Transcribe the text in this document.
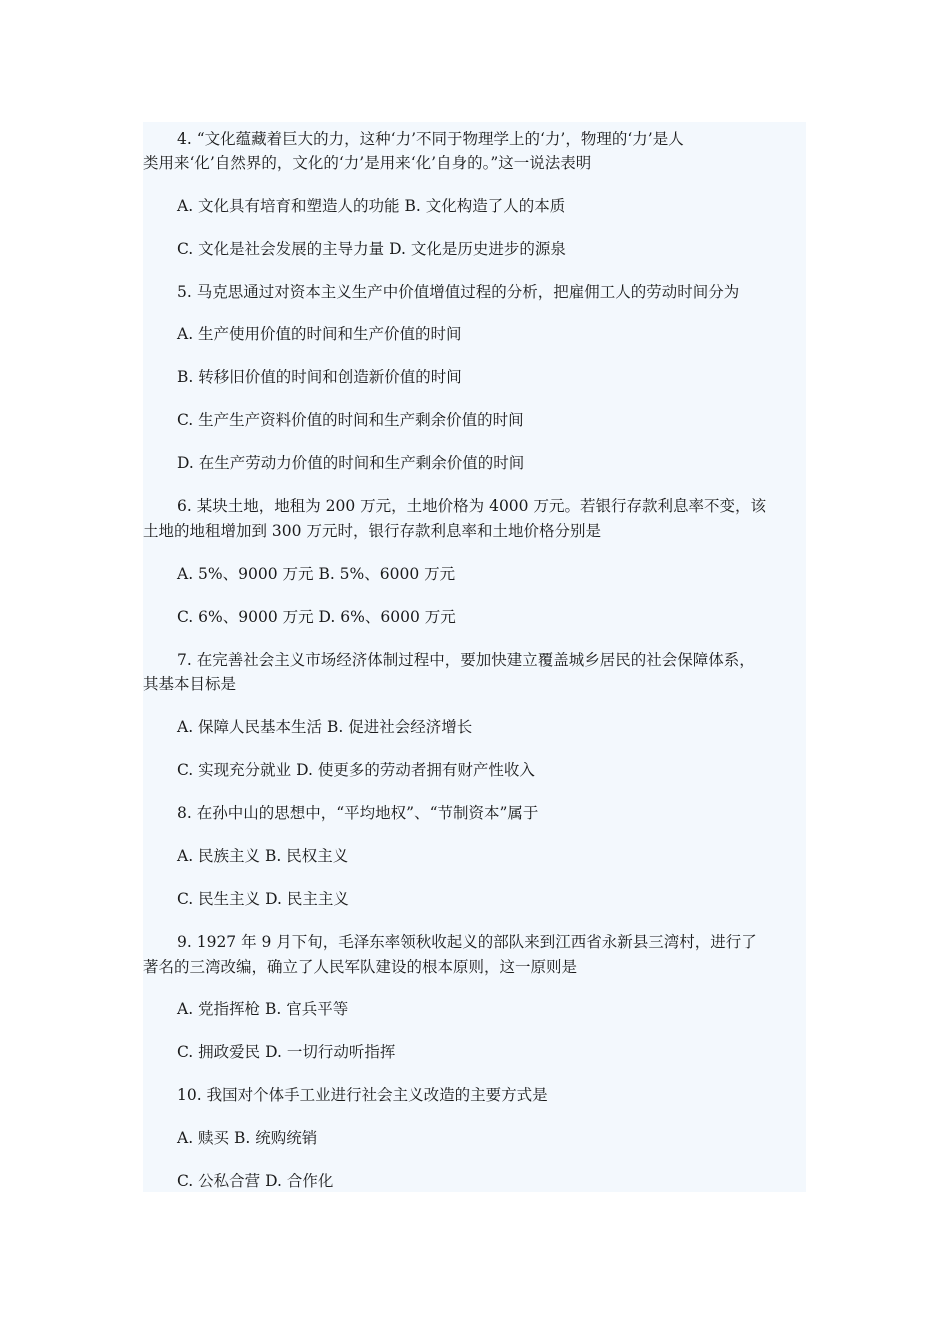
4. “文化蕴藏着巨大的力，这种‘力’不同于物理学上的‘力’，物理的‘力’是人
类用来‘化’自然界的，文化的‘力’是用来‘化’自身的。”这一说法表明
A. 文化具有培育和塑造人的功能 B. 文化构造了人的本质
C. 文化是社会发展的主导力量 D. 文化是历史进步的源泉
5. 马克思通过对资本主义生产中价值增值过程的分析，把雇佣工人的劳动时间分为
A. 生产使用价值的时间和生产价值的时间
B. 转移旧价值的时间和创造新价值的时间
C. 生产生产资料价值的时间和生产剩余价值的时间
D. 在生产劳动力价值的时间和生产剩余价值的时间
6. 某块土地，地租为 200 万元，土地价格为 4000 万元。若银行存款利息率不变，该
土地的地租增加到 300 万元时，银行存款利息率和土地价格分别是
A. 5%、9000 万元 B. 5%、6000 万元
C. 6%、9000 万元 D. 6%、6000 万元
7. 在完善社会主义市场经济体制过程中，要加快建立覆盖城乡居民的社会保障体系，
其基本目标是
A. 保障人民基本生活 B. 促进社会经济增长
C. 实现充分就业 D. 使更多的劳动者拥有财产性收入
8. 在孙中山的思想中，“平均地权”、“节制资本”属于
A. 民族主义 B. 民权主义
C. 民生主义 D. 民主主义
9. 1927 年 9 月下旬，毛泽东率领秋收起义的部队来到江西省永新县三湾村，进行了
著名的三湾改编，确立了人民军队建设的根本原则，这一原则是
A. 党指挥枪 B. 官兵平等
C. 拥政爱民 D. 一切行动听指挥
10. 我国对个体手工业进行社会主义改造的主要方式是
A. 赎买 B. 统购统销
C. 公私合营 D. 合作化
